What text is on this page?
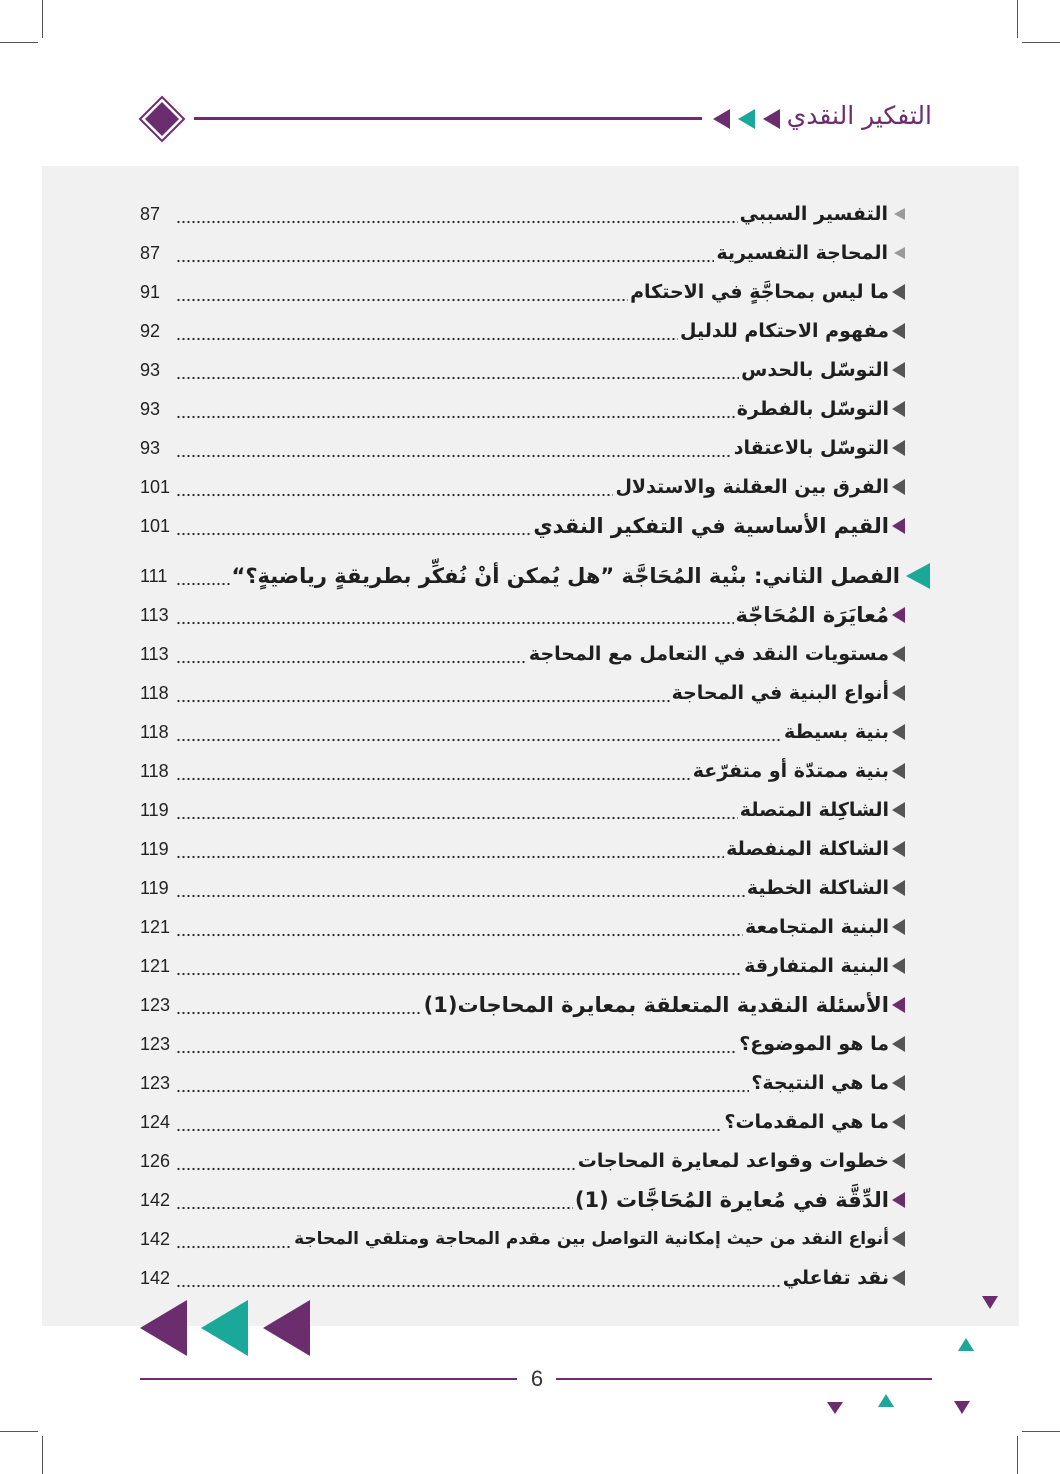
التفكير النقدي
التفسير السببي
87
المحاجة التفسيرية
87
ما ليس بمحاجَّةٍ في الاحتكام
91
مفهوم الاحتكام للدليل
92
التوسّل بالحدس
93
التوسّل بالفطرة
93
التوسّل بالاعتقاد
93
الفرق بين العقلنة والاستدلال
101
القيم الأساسية في التفكير النقدي
101
الفصل الثاني: بنْية المُحَاجَّة ”هل يُمكن أنْ نُفكِّر بطريقةٍ رياضيةٍ؟“
111
مُعايَرَة المُحَاجّة
113
مستويات النقد في التعامل مع المحاجة
113
أنواع البنية في المحاجة
118
بنية بسيطة
118
بنية ممتدّة أو متفرّعة
118
الشاكِلة المتصلة
119
الشاكلة المنفصلة
119
الشاكلة الخطية
119
البنية المتجامعة
121
البنية المتفارقة
121
الأسئلة النقدية المتعلقة بمعايرة المحاجات(1)
123
ما هو الموضوع؟
123
ما هي النتيجة؟
123
ما هي المقدمات؟
124
خطوات وقواعد لمعايرة المحاجات
126
الدِّقَّة في مُعايرة المُحَاجَّات (1)
142
أنواع النقد من حيث إمكانية التواصل بين مقدم المحاجة ومتلقي المحاجة
142
نقد تفاعلي
142
6
